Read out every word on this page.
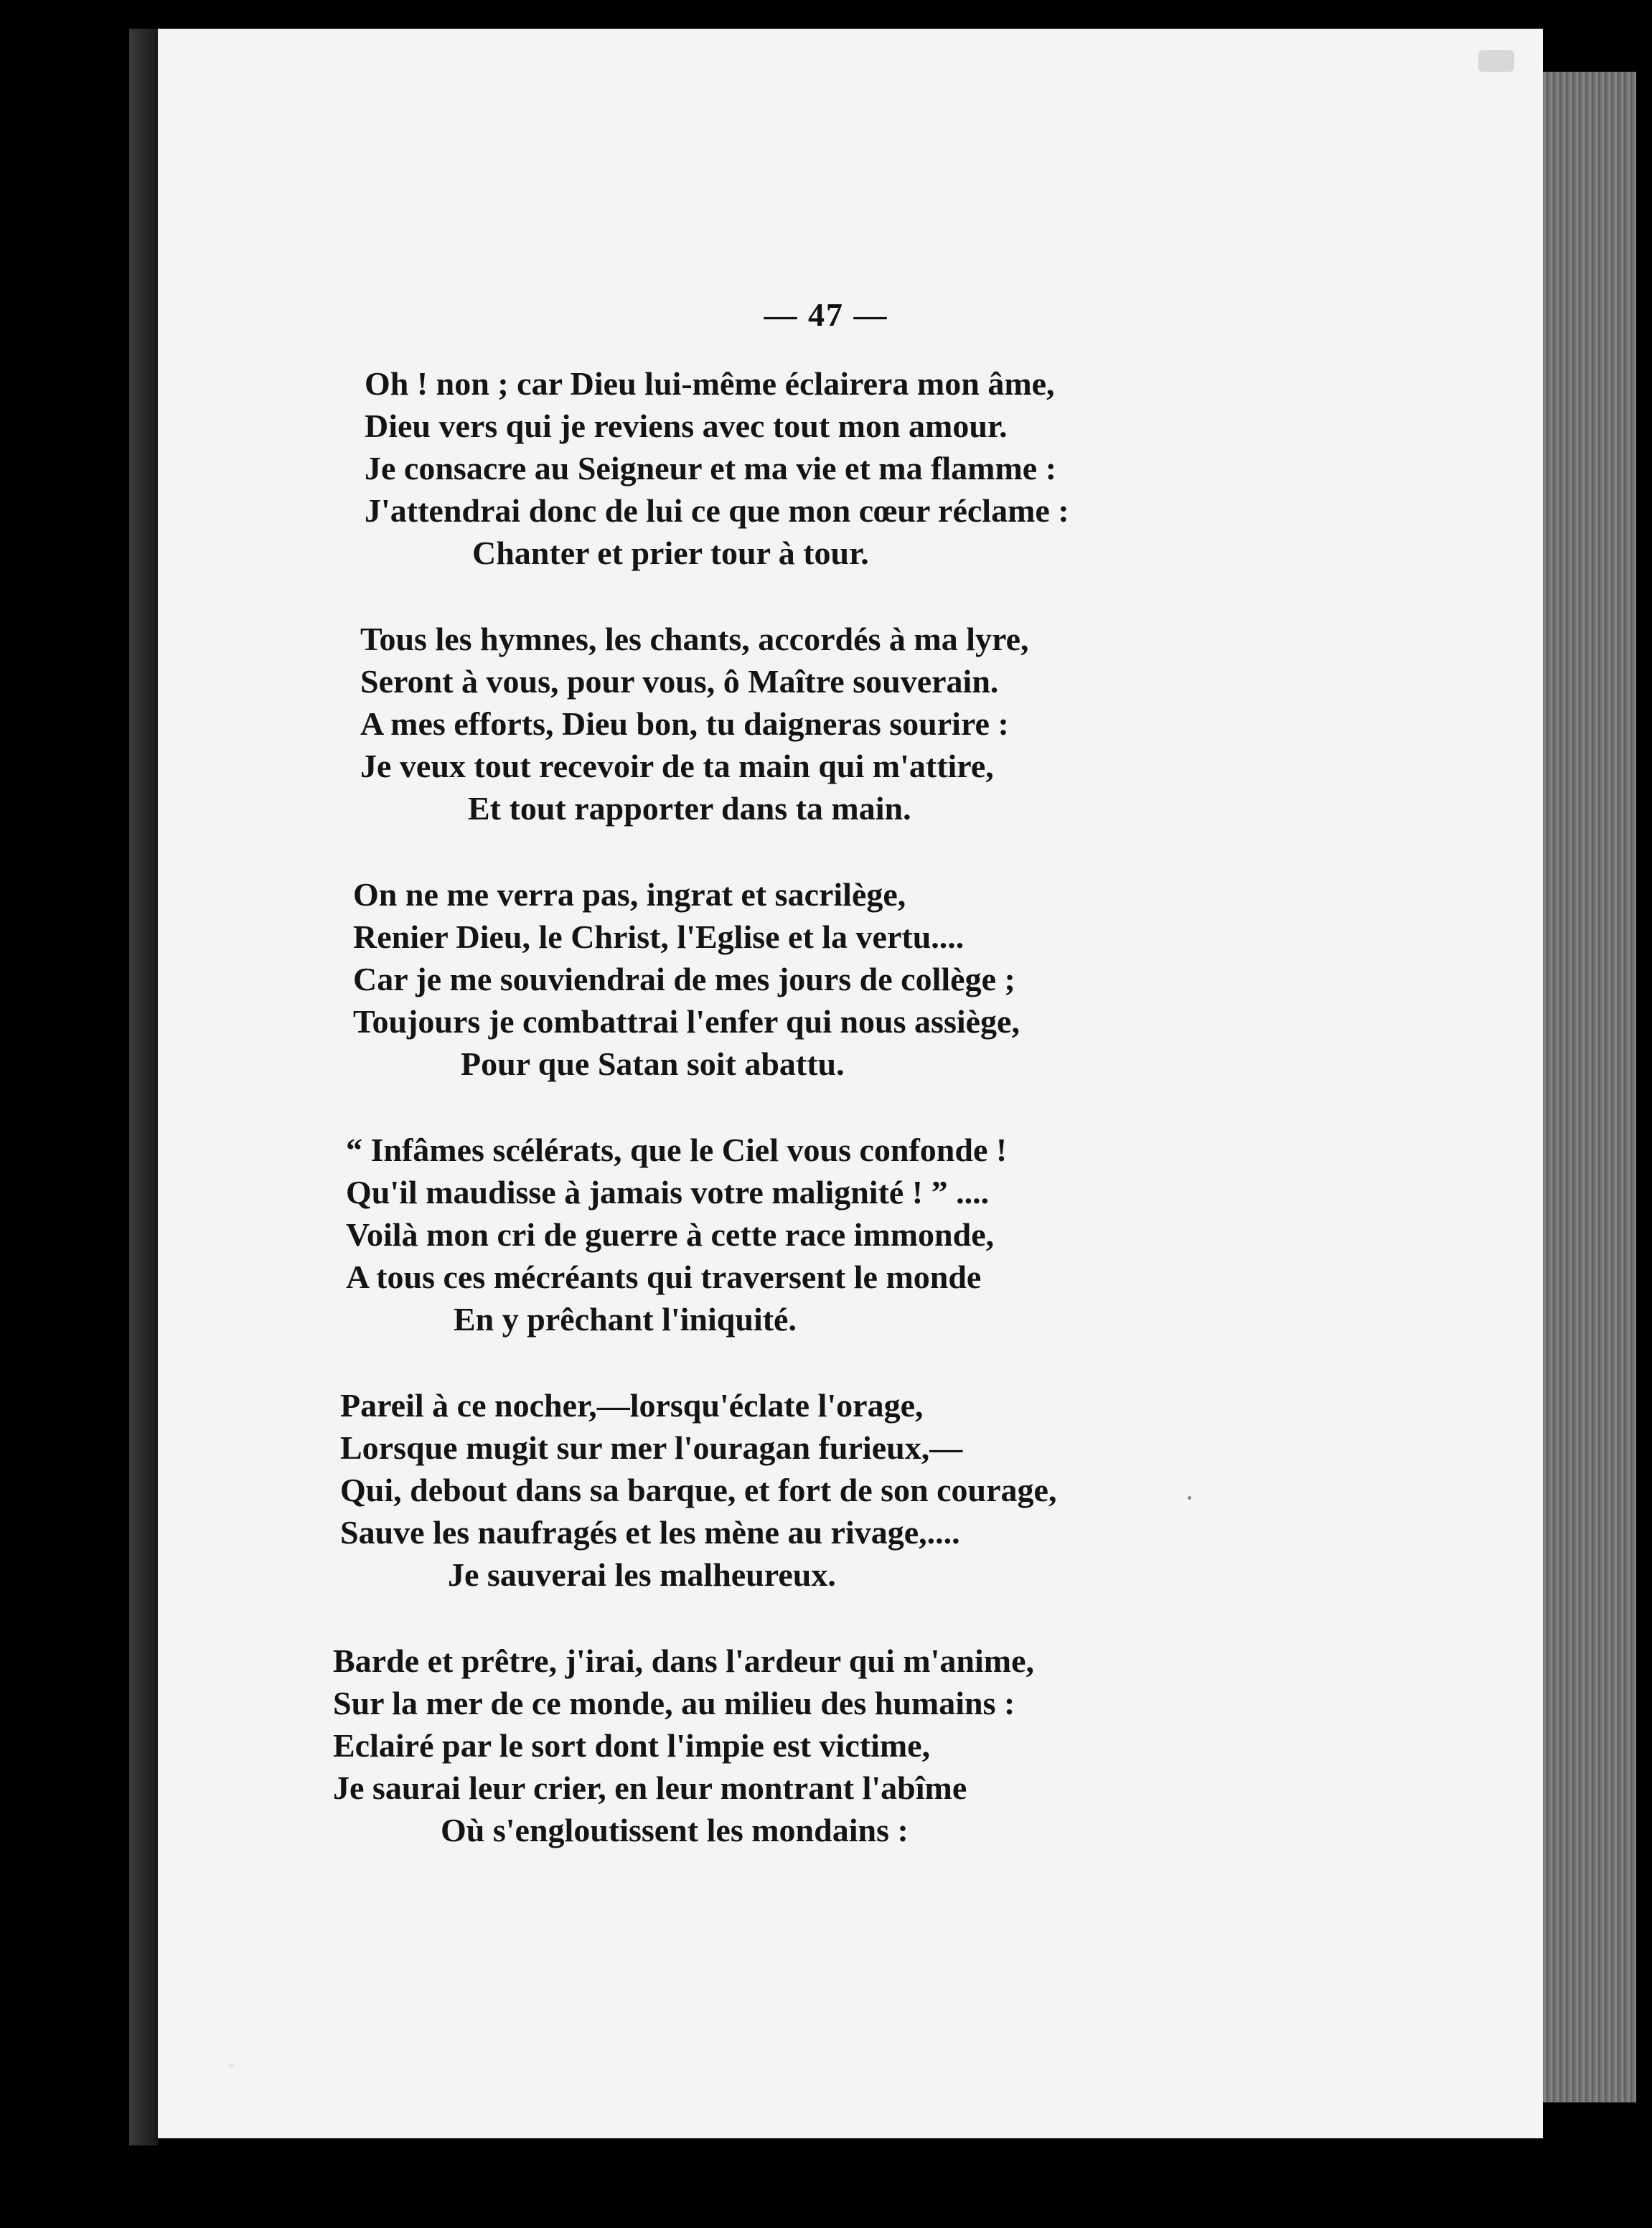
— 47 —
Oh ! non ; car Dieu lui-même éclairera mon âme,
Dieu vers qui je reviens avec tout mon amour.
Je consacre au Seigneur et ma vie et ma flamme :
J'attendrai donc de lui ce que mon cœur réclame :
Chanter et prier tour à tour.
Tous les hymnes, les chants, accordés à ma lyre,
Seront à vous, pour vous, ô Maître souverain.
A mes efforts, Dieu bon, tu daigneras sourire :
Je veux tout recevoir de ta main qui m'attire,
Et tout rapporter dans ta main.
On ne me verra pas, ingrat et sacrilège,
Renier Dieu, le Christ, l'Eglise et la vertu....
Car je me souviendrai de mes jours de collège ;
Toujours je combattrai l'enfer qui nous assiège,
Pour que Satan soit abattu.
“ Infâmes scélérats, que le Ciel vous confonde !
Qu'il maudisse à jamais votre malignité ! ” ....
Voilà mon cri de guerre à cette race immonde,
A tous ces mécréants qui traversent le monde
En y prêchant l'iniquité.
Pareil à ce nocher,—lorsqu'éclate l'orage,
Lorsque mugit sur mer l'ouragan furieux,—
Qui, debout dans sa barque, et fort de son courage,
Sauve les naufragés et les mène au rivage,....
Je sauverai les malheureux.
Barde et prêtre, j'irai, dans l'ardeur qui m'anime,
Sur la mer de ce monde, au milieu des humains :
Eclairé par le sort dont l'impie est victime,
Je saurai leur crier, en leur montrant l'abîme
Où s'engloutissent les mondains :
